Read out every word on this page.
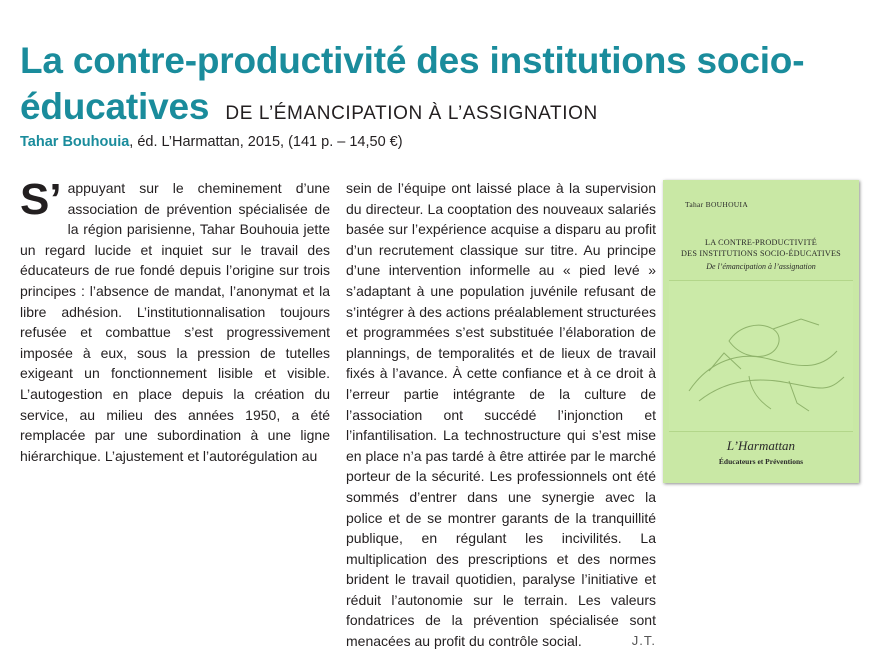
La contre-productivité des institutions socio-éducatives DE L’ÉMANCIPATION À L’ASSIGNATION
Tahar Bouhouia, éd. L’Harmattan, 2015, (141 p. – 14,50 €)

S’ appuyant sur le cheminement d’une association de prévention spécialisée de la région parisienne, Tahar Bouhouia jette un regard lucide et inquiet sur le travail des éducateurs de rue fondé depuis l’origine sur trois principes : l’absence de mandat, l’anonymat et la libre adhésion. L’institutionnalisation toujours refusée et combattue s’est progressivement imposée à eux, sous la pression de tutelles exigeant un fonctionnement lisible et visible. L’autogestion en place depuis la création du service, au milieu des années 1950, a été remplacée par une subordination à une ligne hiérarchique. L’ajustement et l’autorégulation au

sein de l’équipe ont laissé place à la supervision du directeur. La cooptation des nouveaux salariés basée sur l’expérience acquise a disparu au profit d’un recrutement classique sur titre. Au principe d’une intervention informelle au « pied levé » s’adaptant à une population juvénile refusant de s’intégrer à des actions préalablement structurées et programmées s’est substituée l’élaboration de plannings, de temporalités et de lieux de travail fixés à l’avance. À cette confiance et à ce droit à l’erreur partie intégrante de la culture de l’association ont succédé l’injonction et l’infantilisation. La technostructure qui s’est mise en place n’a pas tardé à être attirée par le marché porteur de la sécurité. Les professionnels ont été sommés d’entrer dans une synergie avec la police et de se montrer garants de la tranquillité publique, en régulant les incivilités. La multiplication des prescriptions et des normes brident le travail quotidien, paralyse l’initiative et réduit l’autonomie sur le terrain. Les valeurs fondatrices de la prévention spécialisée sont menacées au profit du contrôle social.	J.T.

Tahar BOUHOUIA
LA CONTRE-PRODUCTIVITÉ
DES INSTITUTIONS SOCIO-ÉDUCATIVES
De l’émancipation à l’assignation
L’Harmattan
Éducateurs et Préventions
